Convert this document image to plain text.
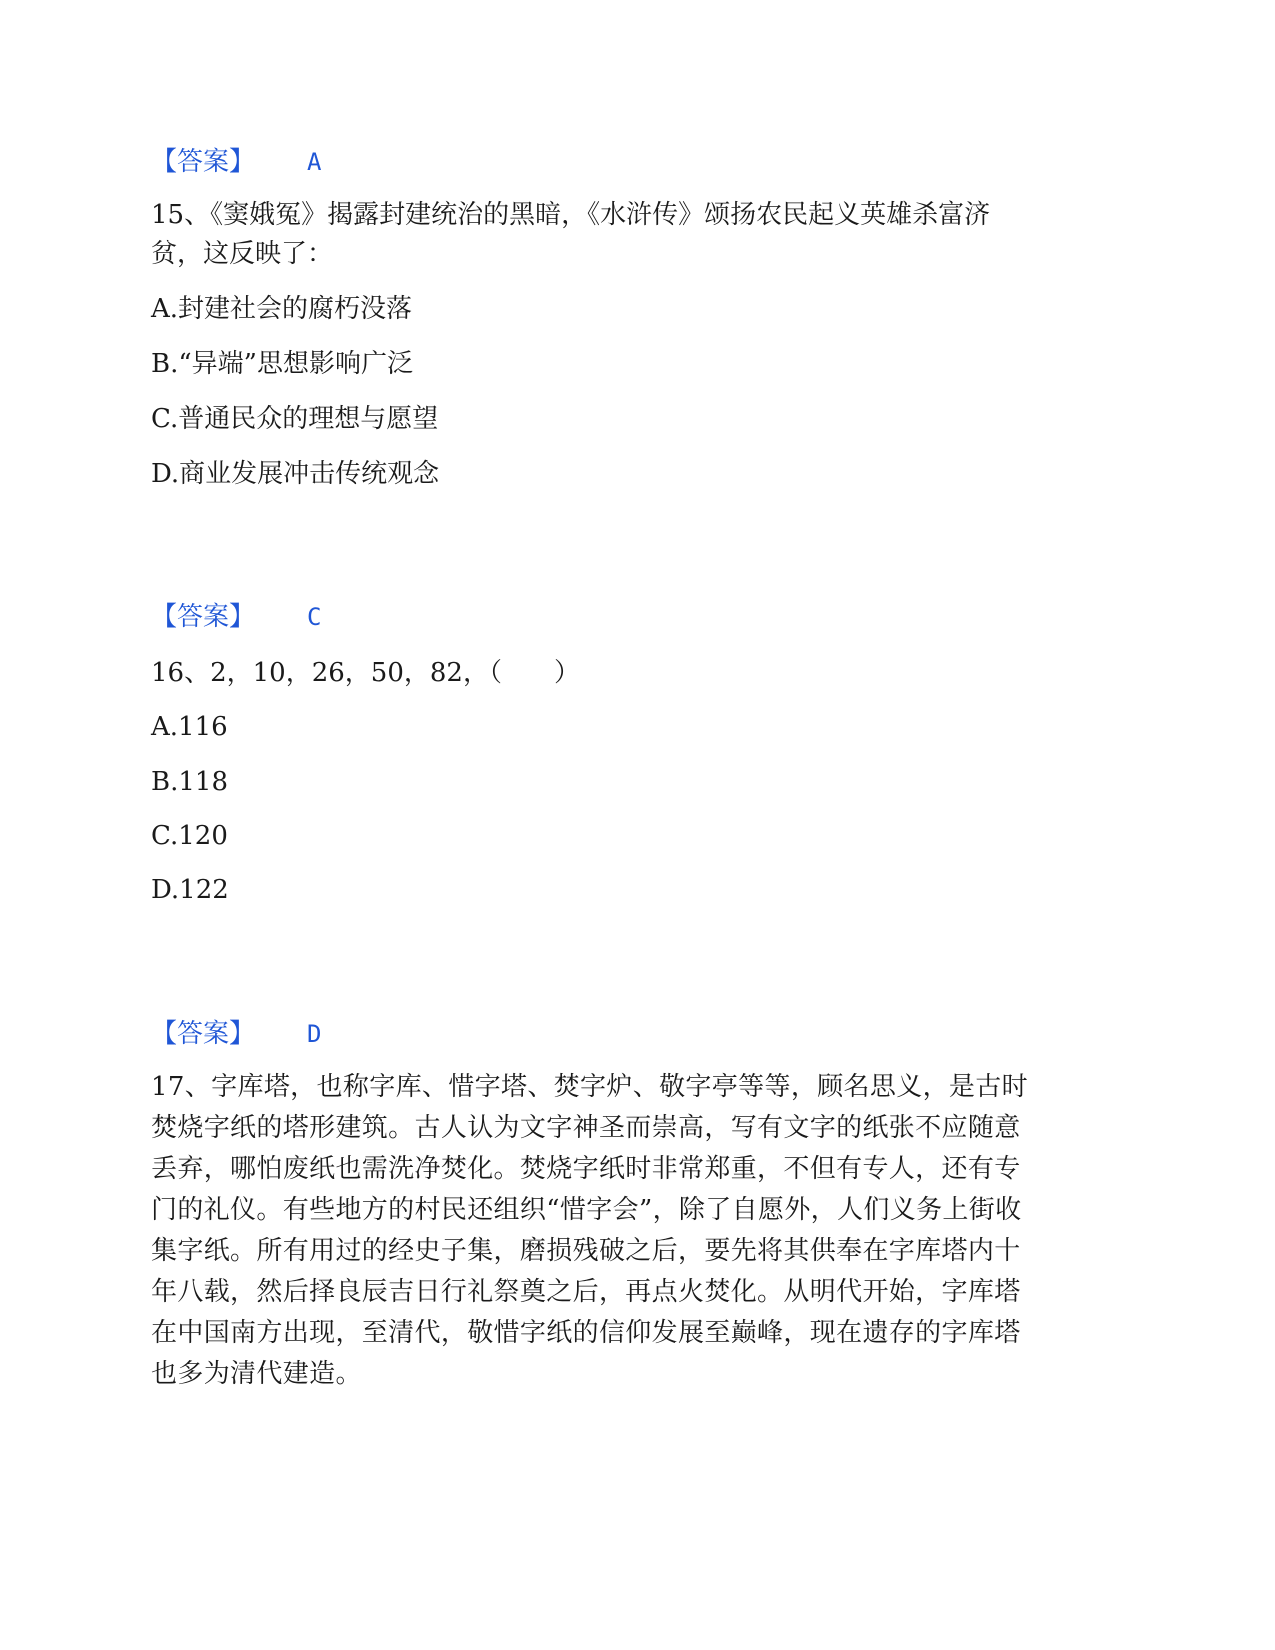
【答案】 A
15、《窦娥冤》揭露封建统治的黑暗，《水浒传》颂扬农民起义英雄杀富济
贫，这反映了：
A.封建社会的腐朽没落
B.“异端”思想影响广泛
C.普通民众的理想与愿望
D.商业发展冲击传统观念
【答案】 C
16、2，10，26，50，82，（　　）
A.116
B.118
C.120
D.122
【答案】 D
17、字库塔，也称字库、惜字塔、焚字炉、敬字亭等等，顾名思义，是古时
焚烧字纸的塔形建筑。古人认为文字神圣而崇高，写有文字的纸张不应随意
丢弃，哪怕废纸也需洗净焚化。焚烧字纸时非常郑重，不但有专人，还有专
门的礼仪。有些地方的村民还组织“惜字会”，除了自愿外，人们义务上街收
集字纸。所有用过的经史子集，磨损残破之后，要先将其供奉在字库塔内十
年八载，然后择良辰吉日行礼祭奠之后，再点火焚化。从明代开始，字库塔
在中国南方出现，至清代，敬惜字纸的信仰发展至巅峰，现在遗存的字库塔
也多为清代建造。
